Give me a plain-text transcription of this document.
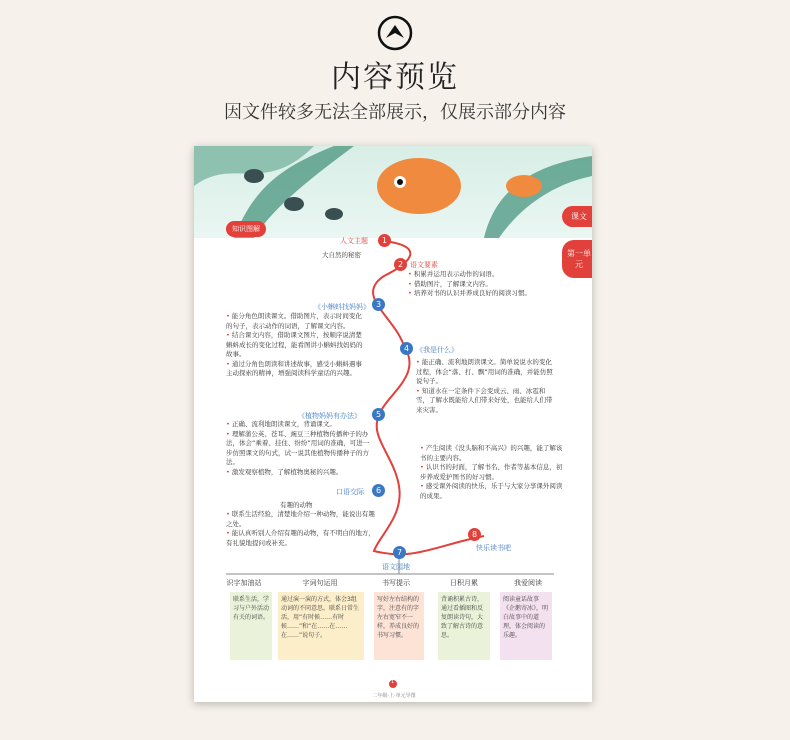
内容预览
因文件较多无法全部展示，仅展示部分内容
课文
第一单元
知识图解
1
人文主题
大自然的秘密
2 语文要素
• 积累并运用表示动作的词语。
• 借助图片，了解课文内容。
• 培养对书的认识并养成良好的阅读习惯。
3
《小蝌蚪找妈妈》
• 能分角色朗读课文。借助图片，表示时间变化的句子，表示动作的词语，了解课文内容。
• 结合课文内容，借助课文图片，按顺序说清楚蝌蚪成长的变化过程，能看图讲小蝌蚪找妈妈的故事。
• 通过分角色朗读和讲述故事，感受小蝌蚪遇事主动探索的精神，增强阅读科学童话的兴趣。
4 《我是什么》
• 能正确、流利地朗读课文。简单说说水的变化过程，体会“落、打、飘”用词的准确，并能仿照说句子。
• 知道水在一定条件下会变成云、雨、冰雹和雪，了解水既能给人们带来好处，也能给人们带来灾害。
5
《植物妈妈有办法》
• 正确、流利地朗读课文，背诵课文。
• 理解蒲公英、苍耳、豌豆三种植物传播种子的办法，体会“乘着、挂住、纷纷”用词的准确，可进一步仿照课文的句式，试一说其他植物传播种子的方法。
• 激发观察植物，了解植物奥秘的兴趣。
6
口语交际
有趣的动物
• 联系生活经验，清楚地介绍一种动物，能说出有趣之处。
• 能认真听别人介绍有趣的动物，有不明白的地方，有礼貌地提问或补充。
• 产生阅读《没头脑和不高兴》的兴趣，能了解该书的主要内容。
• 认识书的封面，了解书名、作者等基本信息，初步养成爱护图书的好习惯。
• 感受课外阅读的快乐，乐于与大家分享课外阅读的成果。
8
快乐读书吧
7
语文园地
识字加油站
联系生活，学习与户外活动有关的词语。
字词句运用
通过演一演的方式，体会3组动词的不同意思。联系日常生活，用“有时候……有时候……”和“在……在……在……”说句子。
书写提示
写好左右结构的字，注意有的字左右宽窄不一样，养成良好的书写习惯。
日积月累
背诵积累古诗，通过看插图和反复朗读诗句，大致了解古诗的意思。
我爱阅读
阅读童话故事《企鹅寄冰》，明白故事中的道理，体会阅读的乐趣。
1
二年级·上·单元导图
